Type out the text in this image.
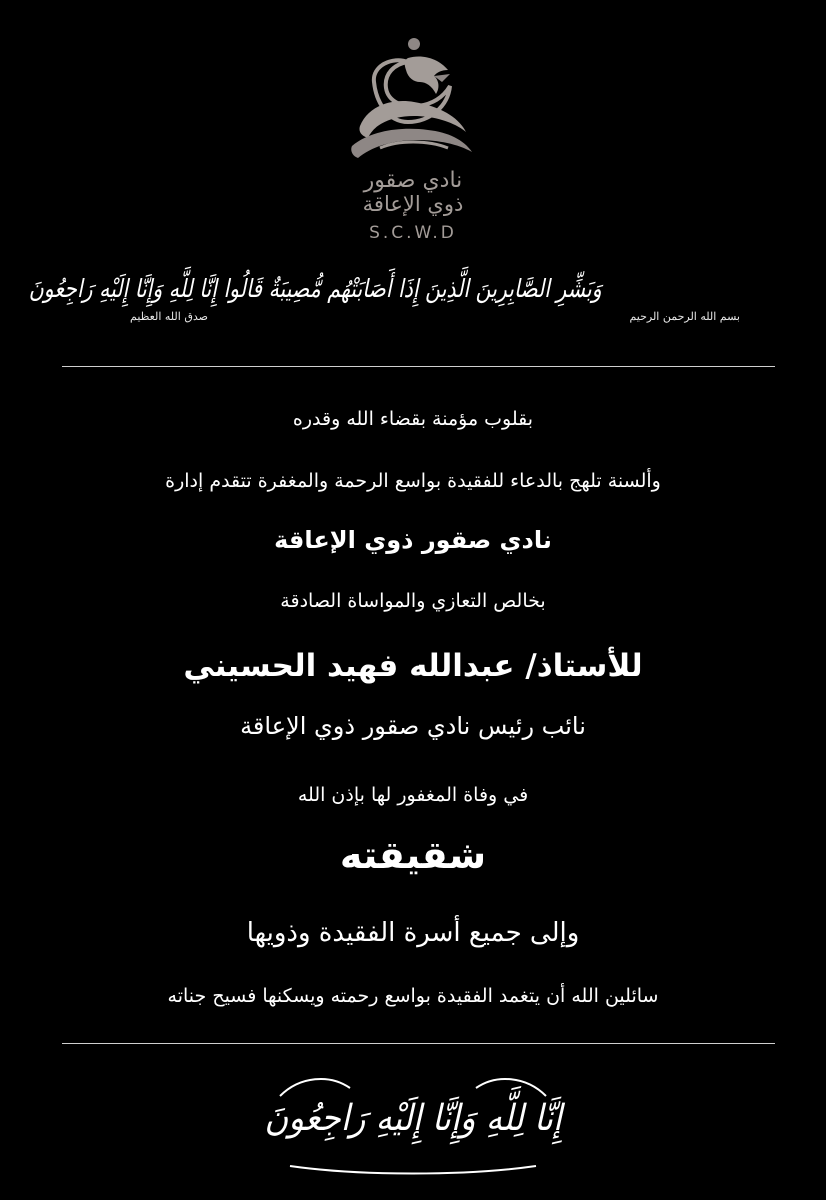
نادي صقور
ذوي الإعاقة
S.C.W.D
بسم الله الرحمن الرحيم
وَبَشِّرِ الصَّابِرِينَ الَّذِينَ إِذَا أَصَابَتْهُم مُّصِيبَةٌ قَالُوا إِنَّا لِلَّهِ وَإِنَّا إِلَيْهِ رَاجِعُونَ
صدق الله العظيم
بقلوب مؤمنة بقضاء الله وقدره
وألسنة تلهج بالدعاء للفقيدة بواسع الرحمة والمغفرة تتقدم إدارة
نادي صقور ذوي الإعاقة
بخالص التعازي والمواساة الصادقة
للأستاذ/ عبدالله فهيد الحسيني
نائب رئيس نادي صقور ذوي الإعاقة
في وفاة المغفور لها بإذن الله
شقيقته
وإلى جميع أسرة الفقيدة وذويها
سائلين الله أن يتغمد الفقيدة بواسع رحمته ويسكنها فسيح جناته
إِنَّا لِلَّهِ وَإِنَّا إِلَيْهِ رَاجِعُونَ
